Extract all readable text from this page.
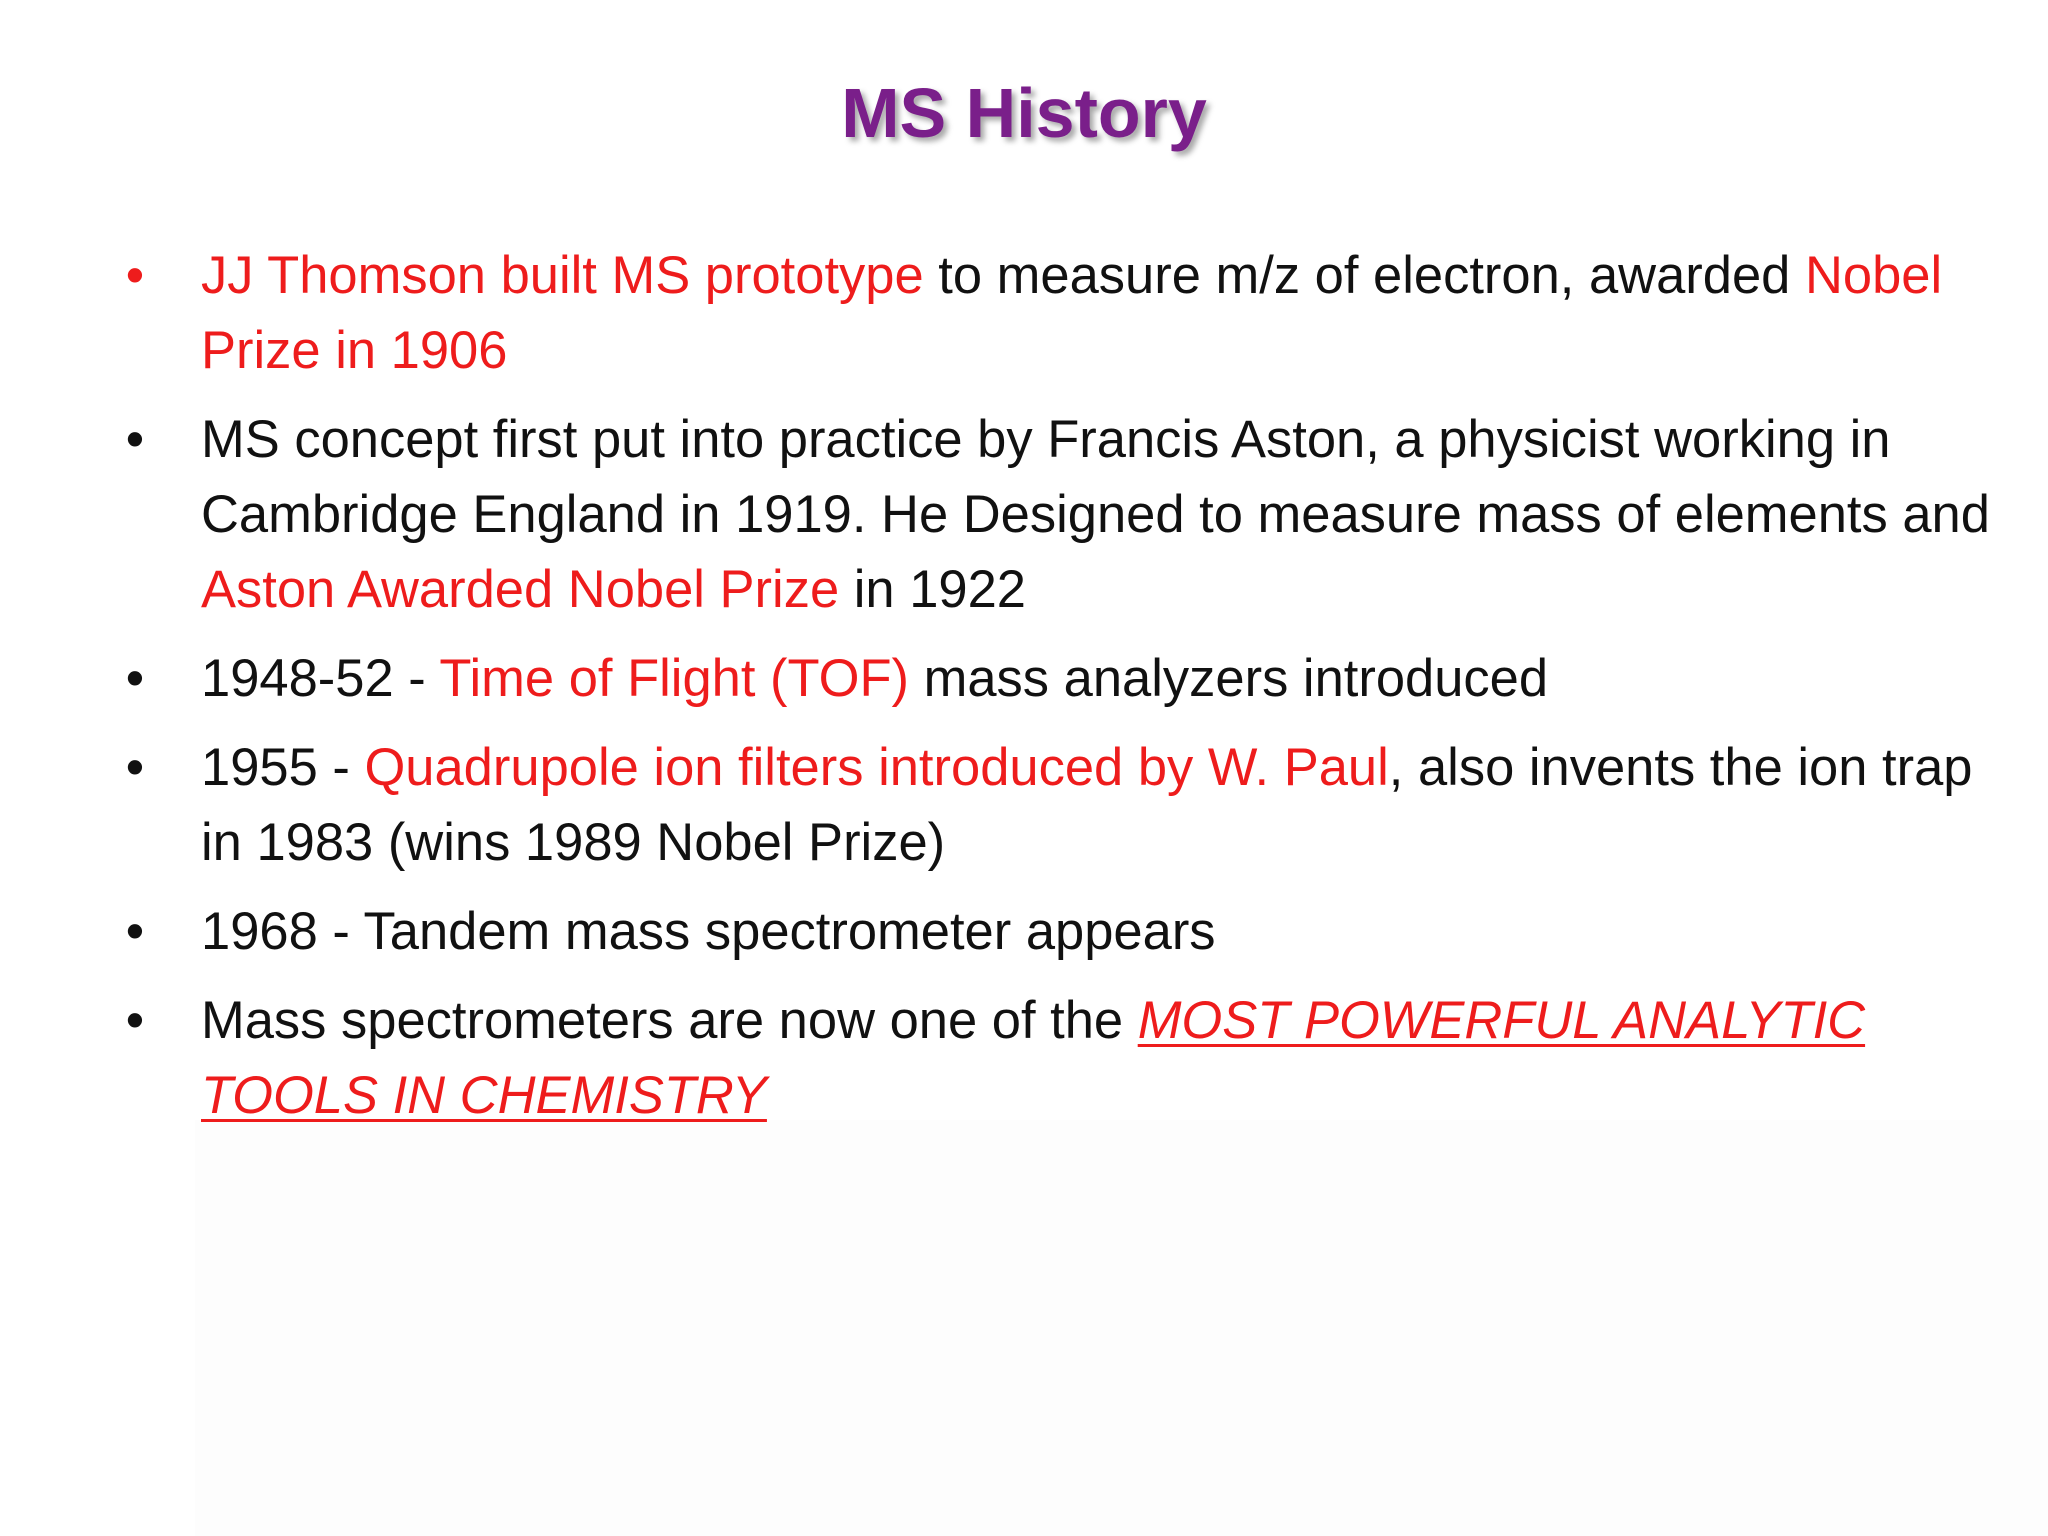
MS History
• JJ Thomson built MS prototype to measure m/z of electron, awarded Nobel Prize in 1906
• MS concept first put into practice by Francis Aston, a physicist working in Cambridge England in 1919. He Designed to measure mass of elements and Aston Awarded Nobel Prize in 1922
• 1948-52 - Time of Flight (TOF) mass analyzers introduced
• 1955 - Quadrupole ion filters introduced by W. Paul, also invents the ion trap in 1983 (wins 1989 Nobel Prize)
• 1968 - Tandem mass spectrometer appears
• Mass spectrometers are now one of the MOST POWERFUL ANALYTIC TOOLS IN CHEMISTRY
